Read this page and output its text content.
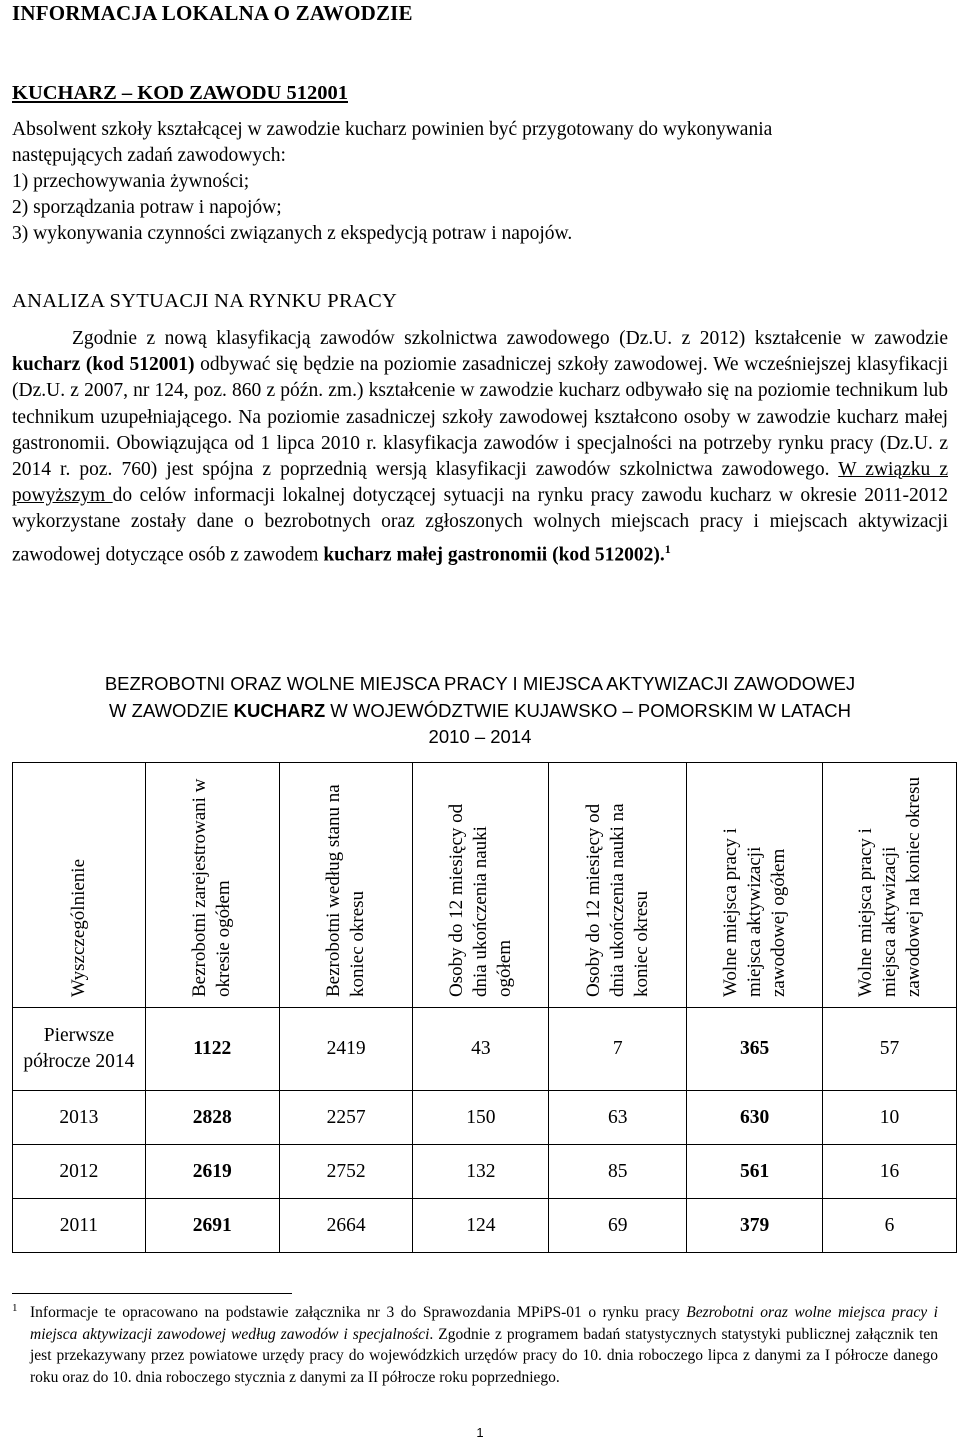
INFORMACJA LOKALNA O ZAWODZIE
KUCHARZ – KOD ZAWODU 512001
Absolwent szkoły kształcącej w zawodzie kucharz powinien być przygotowany do wykonywania
następujących zadań zawodowych:
1) przechowywania żywności;
2) sporządzania potraw i napojów;
3) wykonywania czynności związanych z ekspedycją potraw i napojów.
ANALIZA SYTUACJI NA RYNKU PRACY

Zgodnie z nową klasyfikacją zawodów szkolnictwa zawodowego (Dz.U. z 2012) kształcenie w zawodzie kucharz (kod 512001) odbywać się będzie na poziomie zasadniczej szkoły zawodowej. We wcześniejszej klasyfikacji (Dz.U. z 2007, nr 124, poz. 860 z późn. zm.) kształcenie w zawodzie kucharz odbywało się na poziomie technikum lub technikum uzupełniającego. Na poziomie zasadniczej szkoły zawodowej kształcono osoby w zawodzie kucharz małej gastronomii. Obowiązująca od 1 lipca 2010 r. klasyfikacja zawodów i specjalności na potrzeby rynku pracy (Dz.U. z 2014 r. poz. 760) jest spójna z poprzednią wersją klasyfikacji zawodów szkolnictwa zawodowego. W związku z powyższym do celów informacji lokalnej dotyczącej sytuacji na rynku pracy zawodu kucharz w okresie 2011-2012 wykorzystane zostały dane o bezrobotnych oraz zgłoszonych wolnych miejscach pracy i miejscach aktywizacji zawodowej dotyczące osób z zawodem kucharz małej gastronomii (kod 512002).$^1$

BEZROBOTNI ORAZ WOLNE MIEJSCA PRACY I MIEJSCA AKTYWIZACJI ZAWODOWEJ
W ZAWODZIE KUCHARZ W WOJEWÓDZTWIE KUJAWSKO – POMORSKIM W LATACH
2010 – 2014
Wyszczególnienie	Bezrobotni zarejestrowani w okresie ogółem	Bezrobotni według stanu na koniec okresu	Osoby do 12 miesięcy od dnia ukończenia nauki ogółem	Osoby do 12 miesięcy od dnia ukończenia nauki na koniec okresu	Wolne miejsca pracy i miejsca aktywizacji zawodowej ogółem	Wolne miejsca pracy i miejsca aktywizacji zawodowej na koniec okresu

Pierwsze półrocze 2014	1122	2419	43	7	365	57
2013	2828	2257	150	63	630	10
2012	2619	2752	132	85	561	16
2011	2691	2664	124	69	379	6
1 Informacje te opracowano na podstawie załącznika nr 3 do Sprawozdania MPiPS-01 o rynku pracy Bezrobotni oraz wolne miejsca pracy i miejsca aktywizacji zawodowej według zawodów i specjalności. Zgodnie z programem badań statystycznych statystyki publicznej załącznik ten jest przekazywany przez powiatowe urzędy pracy do wojewódzkich urzędów pracy do 10. dnia roboczego lipca z danymi za I półrocze danego roku oraz do 10. dnia roboczego stycznia z danymi za II półrocze roku poprzedniego.

1
